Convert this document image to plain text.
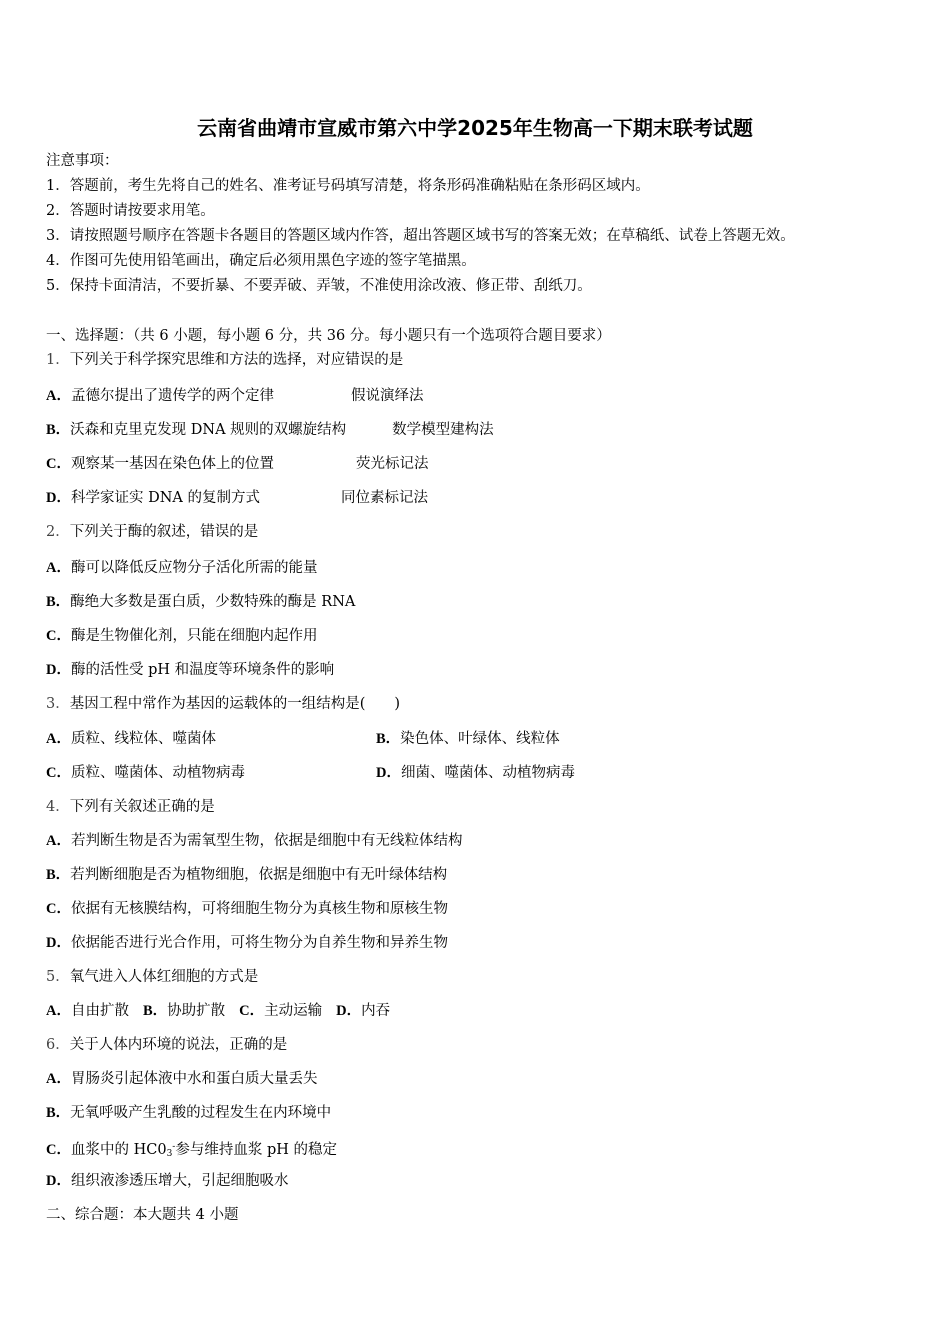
云南省曲靖市宣威市第六中学2025年生物高一下期末联考试题
注意事项：
1．答题前，考生先将自己的姓名、准考证号码填写清楚，将条形码准确粘贴在条形码区域内。
2．答题时请按要求用笔。
3．请按照题号顺序在答题卡各题目的答题区域内作答，超出答题区域书写的答案无效；在草稿纸、试卷上答题无效。
4．作图可先使用铅笔画出，确定后必须用黑色字迹的签字笔描黑。
5．保持卡面清洁，不要折暴、不要弄破、弄皱，不准使用涂改液、修正带、刮纸刀。
一、选择题：（共 6 小题，每小题 6 分，共 36 分。每小题只有一个选项符合题目要求）
1．下列关于科学探究思维和方法的选择，对应错误的是
A．孟德尔提出了遗传学的两个定律	假说演绎法
B．沃森和克里克发现 DNA 规则的双螺旋结构	数学模型建构法
C．观察某一基因在染色体上的位置	荧光标记法
D．科学家证实 DNA 的复制方式	同位素标记法
2．下列关于酶的叙述，错误的是
A．酶可以降低反应物分子活化所需的能量
B．酶绝大多数是蛋白质，少数特殊的酶是 RNA
C．酶是生物催化剂，只能在细胞内起作用
D．酶的活性受 pH 和温度等环境条件的影响
3．基因工程中常作为基因的运载体的一组结构是(　　)
A．质粒、线粒体、噬菌体	B．染色体、叶绿体、线粒体
C．质粒、噬菌体、动植物病毒	D．细菌、噬菌体、动植物病毒
4．下列有关叙述正确的是
A．若判断生物是否为需氧型生物，依据是细胞中有无线粒体结构
B．若判断细胞是否为植物细胞，依据是细胞中有无叶绿体结构
C．依据有无核膜结构，可将细胞生物分为真核生物和原核生物
D．依据能否进行光合作用，可将生物分为自养生物和异养生物
5．氧气进入人体红细胞的方式是
A．自由扩散 B．协助扩散 C．主动运输 D．内吞
6．关于人体内环境的说法，正确的是
A．胃肠炎引起体液中水和蛋白质大量丢失
B．无氧呼吸产生乳酸的过程发生在内环境中
C．血浆中的 $HC0_3^-$参与维持血浆 pH 的稳定
D．组织液渗透压增大，引起细胞吸水
二、综合题：本大题共 4 小题
